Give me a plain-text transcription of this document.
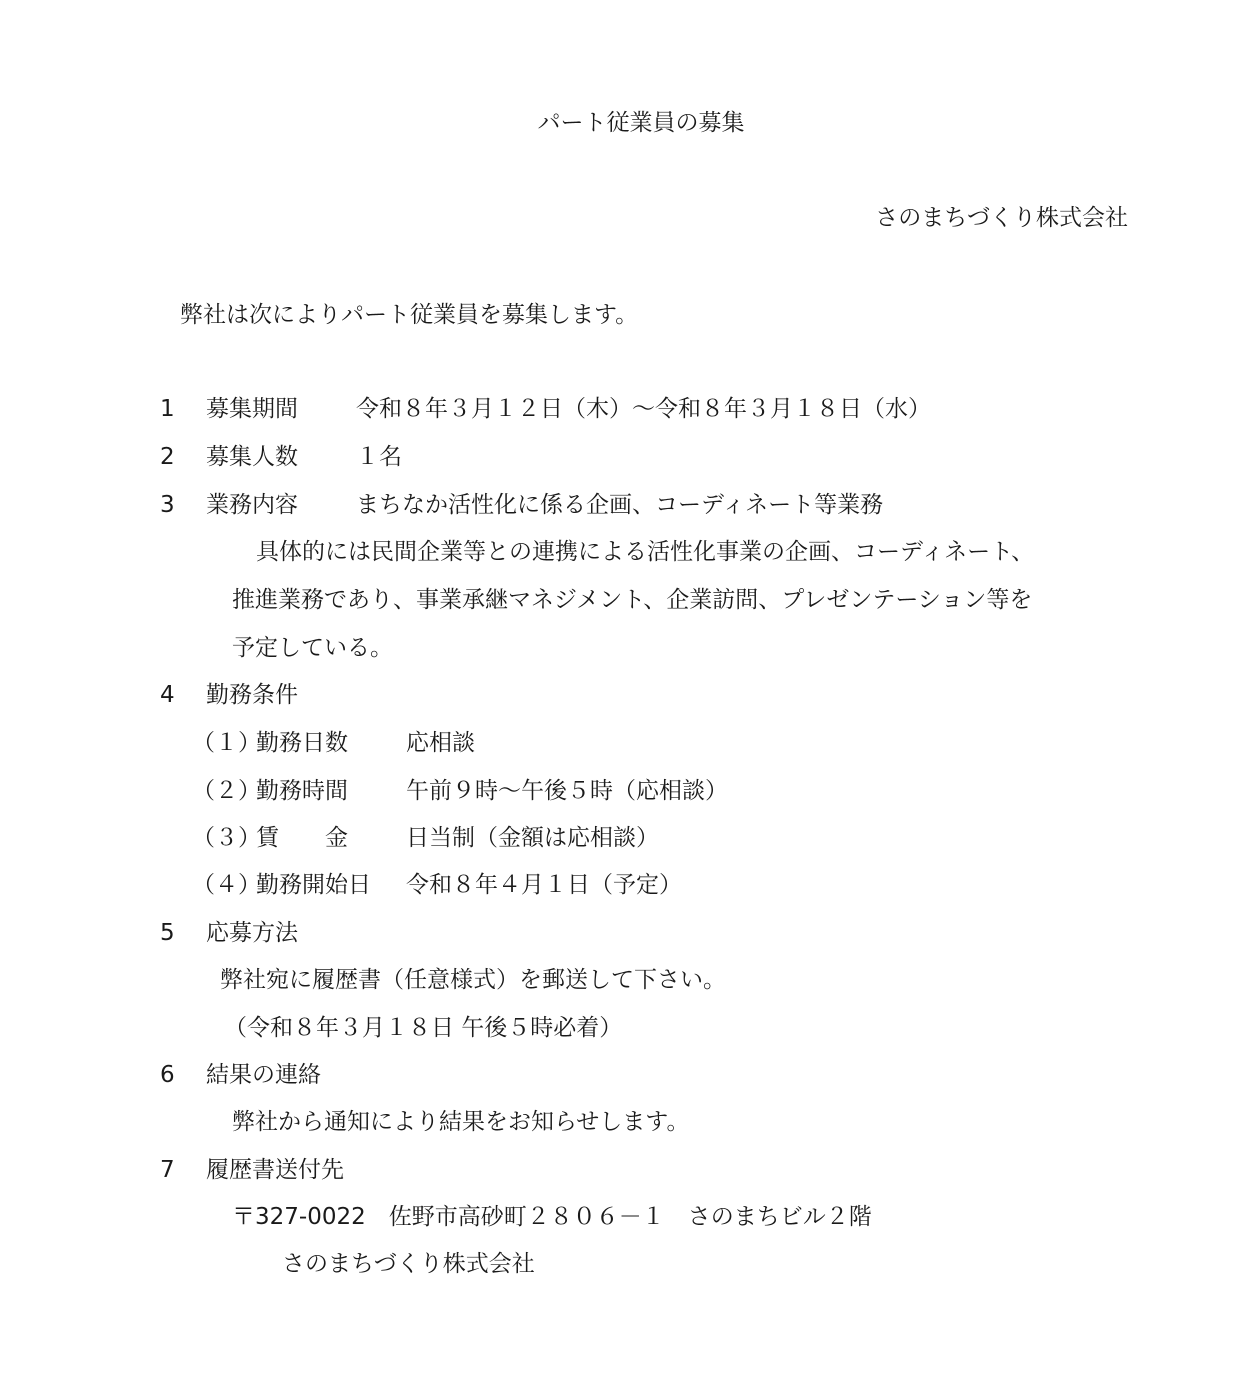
パート従業員の募集
さのまちづくり株式会社
弊社は次によりパート従業員を募集します。
1 募集期間	令和８年３月１２日（木）～令和８年３月１８日（水）
2 募集人数	１名
3 業務内容	まちなか活性化に係る企画、コーディネート等業務
具体的には民間企業等との連携による活性化事業の企画、コーディネート、
推進業務であり、事業承継マネジメント、企業訪問、プレゼンテーション等を
予定している。
4 勤務条件
（１）
勤務日数	応相談
（２）
勤務時間	午前９時～午後５時（応相談）
（３）
賃　　金	日当制（金額は応相談）
（４）
勤務開始日 令和８年４月１日（予定）
5 応募方法
弊社宛に履歴書（任意様式）を郵送して下さい。
（令和８年３月１８日 午後５時必着）
6 結果の連絡
弊社から通知により結果をお知らせします。
7 履歴書送付先
〒327-0022　佐野市高砂町２８０６－１　さのまちビル２階
さのまちづくり株式会社
